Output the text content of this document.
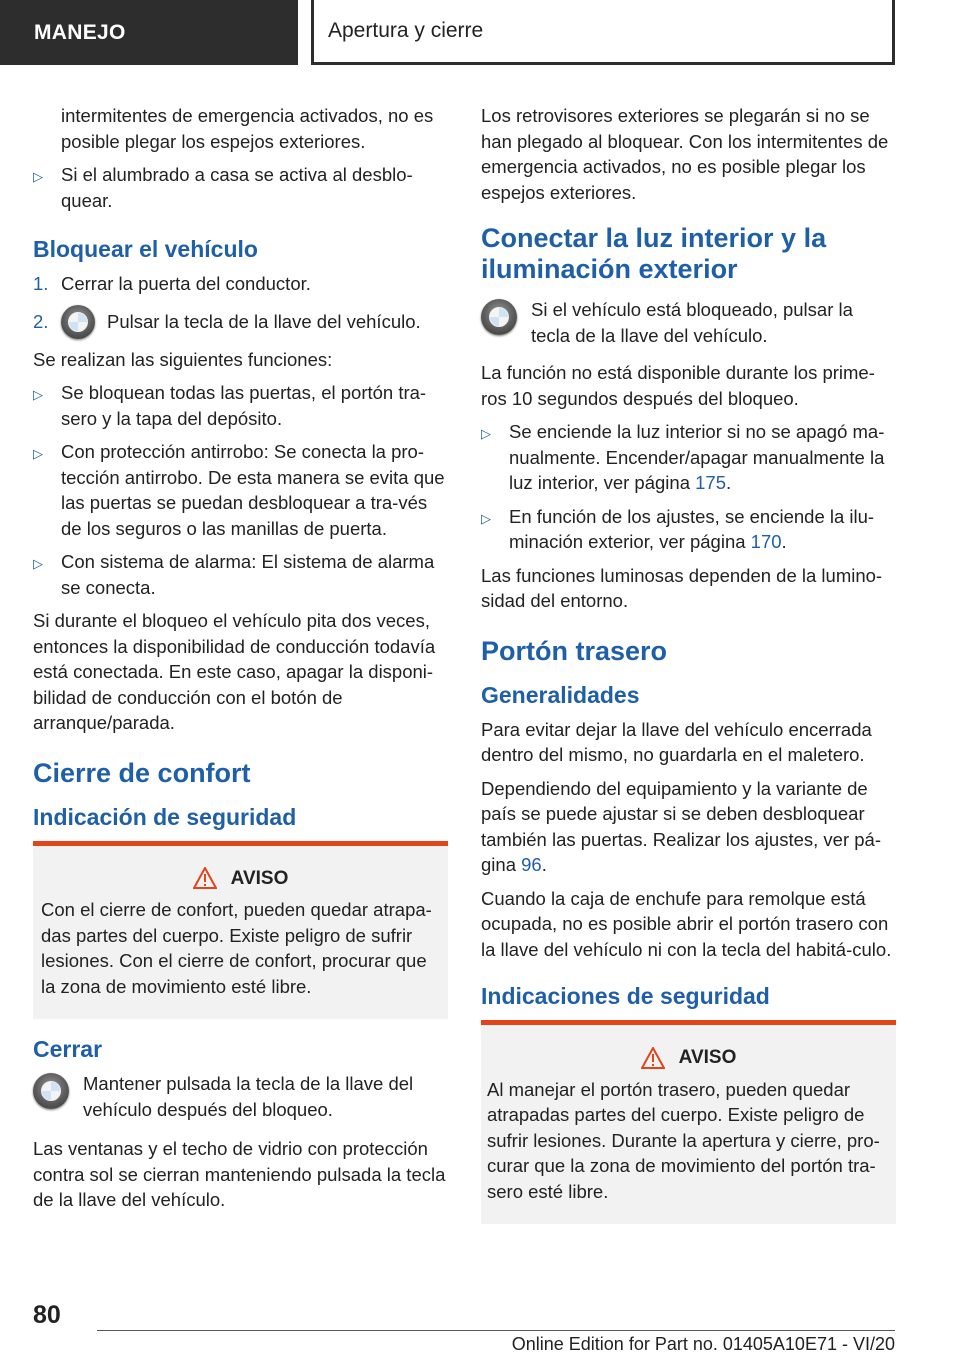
MANEJO	Apertura y cierre

intermitentes de emergencia activados, no es posible plegar los espejos exteriores.

▷ Si el alumbrado a casa se activa al desblo-quear.
Bloquear el vehículo
1. Cerrar la puerta del conductor.
2.	Pulsar la tecla de la llave del vehículo.

Se realizan las siguientes funciones:

▷ Se bloquean todas las puertas, el portón tra-sero y la tapa del depósito.
▷ Con protección antirrobo: Se conecta la pro-tección antirrobo. De esta manera se evita que las puertas se puedan desbloquear a tra-vés de los seguros o las manillas de puerta.
▷ Con sistema de alarma: El sistema de alarma se conecta.

Si durante el bloqueo el vehículo pita dos veces, entonces la disponibilidad de conducción todavía está conectada. En este caso, apagar la disponi-bilidad de conducción con el botón de arranque/parada.

Cierre de confort
Indicación de seguridad
AVISO
Con el cierre de confort, pueden quedar atrapa-das partes del cuerpo. Existe peligro de sufrir lesiones. Con el cierre de confort, procurar que la zona de movimiento esté libre.
Cerrar
Mantener pulsada la tecla de la llave del vehículo después del bloqueo.

Las ventanas y el techo de vidrio con protección contra sol se cierran manteniendo pulsada la tecla de la llave del vehículo.

Los retrovisores exteriores se plegarán si no se han plegado al bloquear. Con los intermitentes de emergencia activados, no es posible plegar los espejos exteriores.

Conectar la luz interior y la iluminación exterior
Si el vehículo está bloqueado, pulsar la tecla de la llave del vehículo.

La función no está disponible durante los prime-ros 10 segundos después del bloqueo.

▷ Se enciende la luz interior si no se apagó ma-nualmente. Encender/apagar manualmente la luz interior, ver página 175.
▷ En función de los ajustes, se enciende la ilu-minación exterior, ver página 170.

Las funciones luminosas dependen de la lumino-sidad del entorno.

Portón trasero
Generalidades

Para evitar dejar la llave del vehículo encerrada dentro del mismo, no guardarla en el maletero.

Dependiendo del equipamiento y la variante de país se puede ajustar si se deben desbloquear también las puertas. Realizar los ajustes, ver pá-gina 96.

Cuando la caja de enchufe para remolque está ocupada, no es posible abrir el portón trasero con la llave del vehículo ni con la tecla del habitá-culo.

Indicaciones de seguridad
AVISO
Al manejar el portón trasero, pueden quedar atrapadas partes del cuerpo. Existe peligro de sufrir lesiones. Durante la apertura y cierre, pro-curar que la zona de movimiento del portón tra-sero esté libre.
80
Online Edition for Part no. 01405A10E71 - VI/20
